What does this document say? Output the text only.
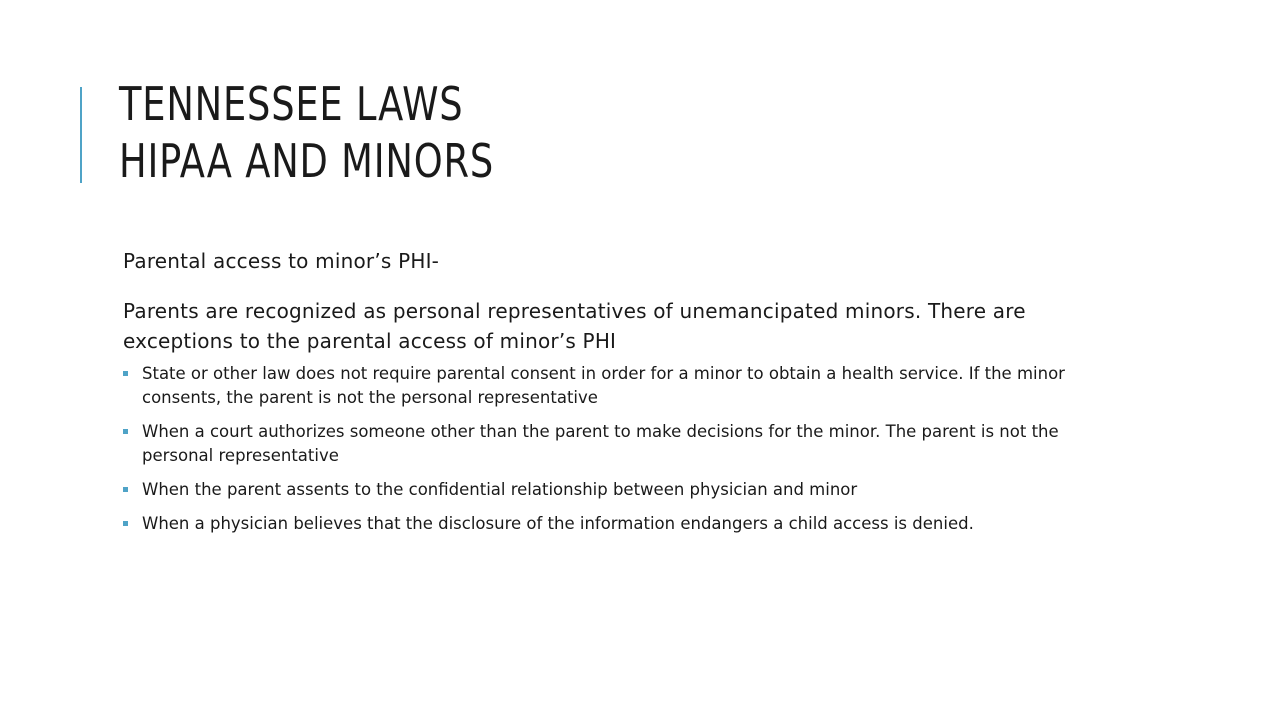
TENNESSEE LAWS
HIPAA AND MINORS

Parental access to minor’s PHI-

Parents are recognized as personal representatives of unemancipated minors. There are exceptions to the parental access of minor’s PHI

State or other law does not require parental consent in order for a minor to obtain a health service. If the minor consents, the parent is not the personal representative
When a court authorizes someone other than the parent to make decisions for the minor. The parent is not the personal representative
When the parent assents to the confidential relationship between physician and minor
When a physician believes that the disclosure of the information endangers a child access is denied.
